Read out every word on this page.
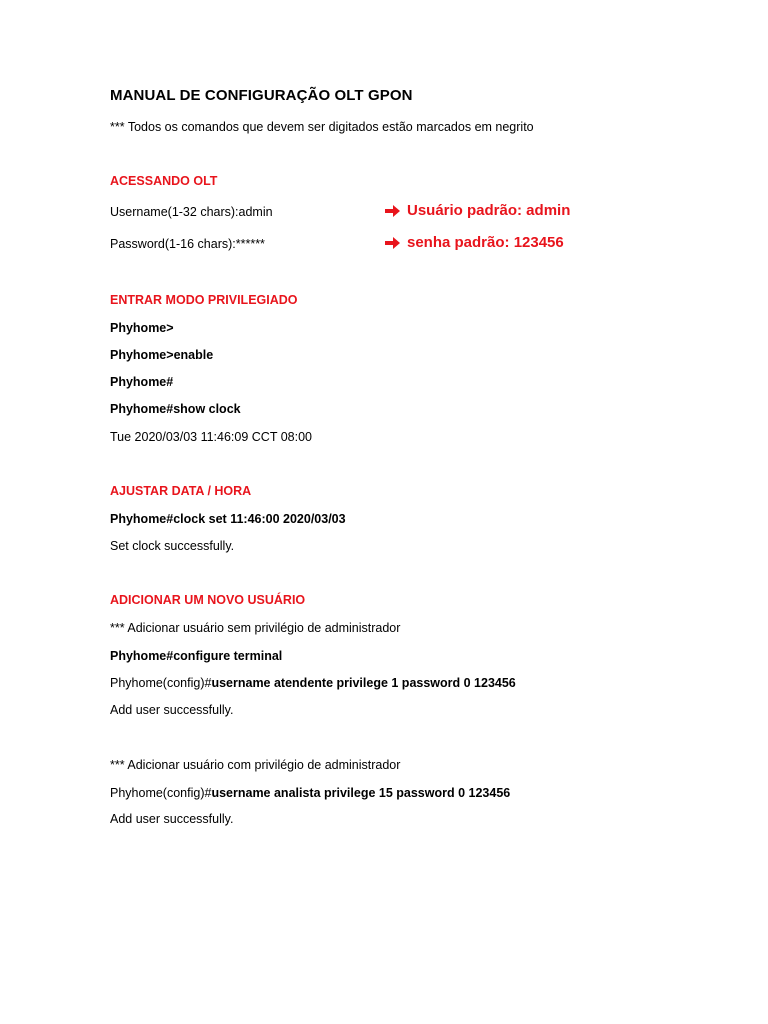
MANUAL DE CONFIGURAÇÃO OLT GPON
*** Todos os comandos que devem ser digitados estão marcados em negrito
ACESSANDO OLT
Username(1-32 chars):admin
Password(1-16 chars):******
Usuário padrão: admin
senha padrão: 123456
ENTRAR MODO PRIVILEGIADO
Phyhome>
Phyhome>enable
Phyhome#
Phyhome#show clock
Tue 2020/03/03 11:46:09 CCT 08:00
AJUSTAR DATA / HORA
Phyhome#clock set 11:46:00 2020/03/03
Set clock successfully.
ADICIONAR UM NOVO USUÁRIO
*** Adicionar usuário sem privilégio de administrador
Phyhome#configure terminal
Phyhome(config)#username atendente privilege 1 password 0 123456
Add user successfully.
*** Adicionar usuário com privilégio de administrador
Phyhome(config)#username analista privilege 15 password 0 123456
Add user successfully.
